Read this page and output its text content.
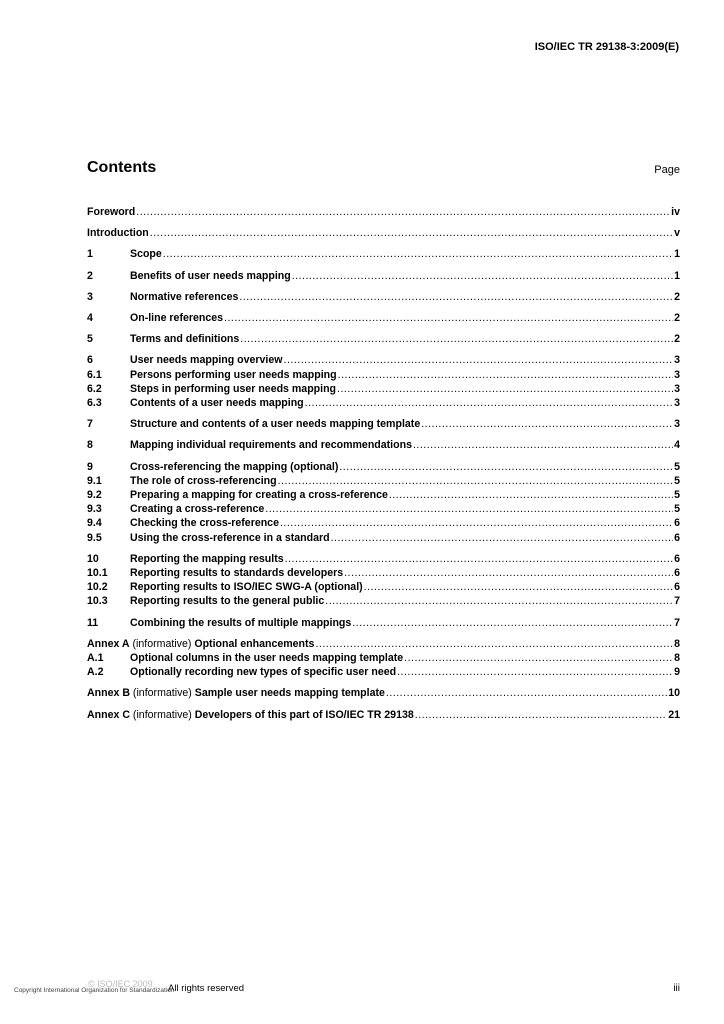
ISO/IEC TR 29138-3:2009(E)
Contents	Page
Foreword .....	iv
Introduction .....	v
1	Scope .....	1
2	Benefits of user needs mapping .....	1
3	Normative references .....	2
4	On-line references .....	2
5	Terms and definitions .....	2
6	User needs mapping overview .....	3
6.1	Persons performing user needs mapping .....	3
6.2	Steps in performing user needs mapping .....	3
6.3	Contents of a user needs mapping .....	3
7	Structure and contents of a user needs mapping template .....	3
8	Mapping individual requirements and recommendations .....	4
9	Cross-referencing the mapping (optional) .....	5
9.1	The role of cross-referencing .....	5
9.2	Preparing a mapping for creating a cross-reference .....	5
9.3	Creating a cross-reference .....	5
9.4	Checking the cross-reference .....	6
9.5	Using the cross-reference in a standard .....	6
10	Reporting the mapping results .....	6
10.1	Reporting results to standards developers .....	6
10.2	Reporting results to ISO/IEC SWG-A (optional) .....	6
10.3	Reporting results to the general public .....	7
11	Combining the results of multiple mappings .....	7
Annex A (informative) Optional enhancements .....	8
A.1	Optional columns in the user needs mapping template .....	8
A.2	Optionally recording new types of specific user need .....	9
Annex B (informative) Sample user needs mapping template .....	10
Annex C (informative) Developers of this part of ISO/IEC TR 29138 .....	21
© ISO/IEC 2009 All rights reserved
Copyright International Organization for Standardization	iii
